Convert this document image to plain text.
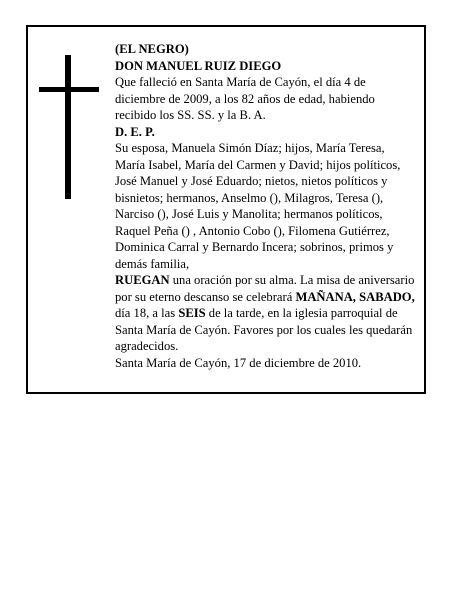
(EL NEGRO)

DON MANUEL RUIZ DIEGO

Que falleció en Santa María de Cayón, el día 4 de diciembre de 2009, a los 82 años de edad, habiendo recibido los SS. SS. y la B. A.

D. E. P.

Su esposa, Manuela Simón Díaz; hijos, María Teresa, María Isabel, María del Carmen y David; hijos políticos, José Manuel y José Eduardo; nietos, nietos políticos y bisnietos; hermanos, Anselmo (), Milagros, Teresa (), Narciso (), José Luis y Manolita; hermanos políticos, Raquel Peña () , Antonio Cobo (), Filomena Gutiérrez, Dominica Carral y Bernardo Incera; sobrinos, primos y demás familia,

RUEGAN una oración por su alma. La misa de aniversario por su eterno descanso se celebrará MAÑANA, SABADO, día 18, a las SEIS de la tarde, en la iglesia parroquial de Santa María de Cayón. Favores por los cuales les quedarán agradecidos.

Santa María de Cayón, 17 de diciembre de 2010.
